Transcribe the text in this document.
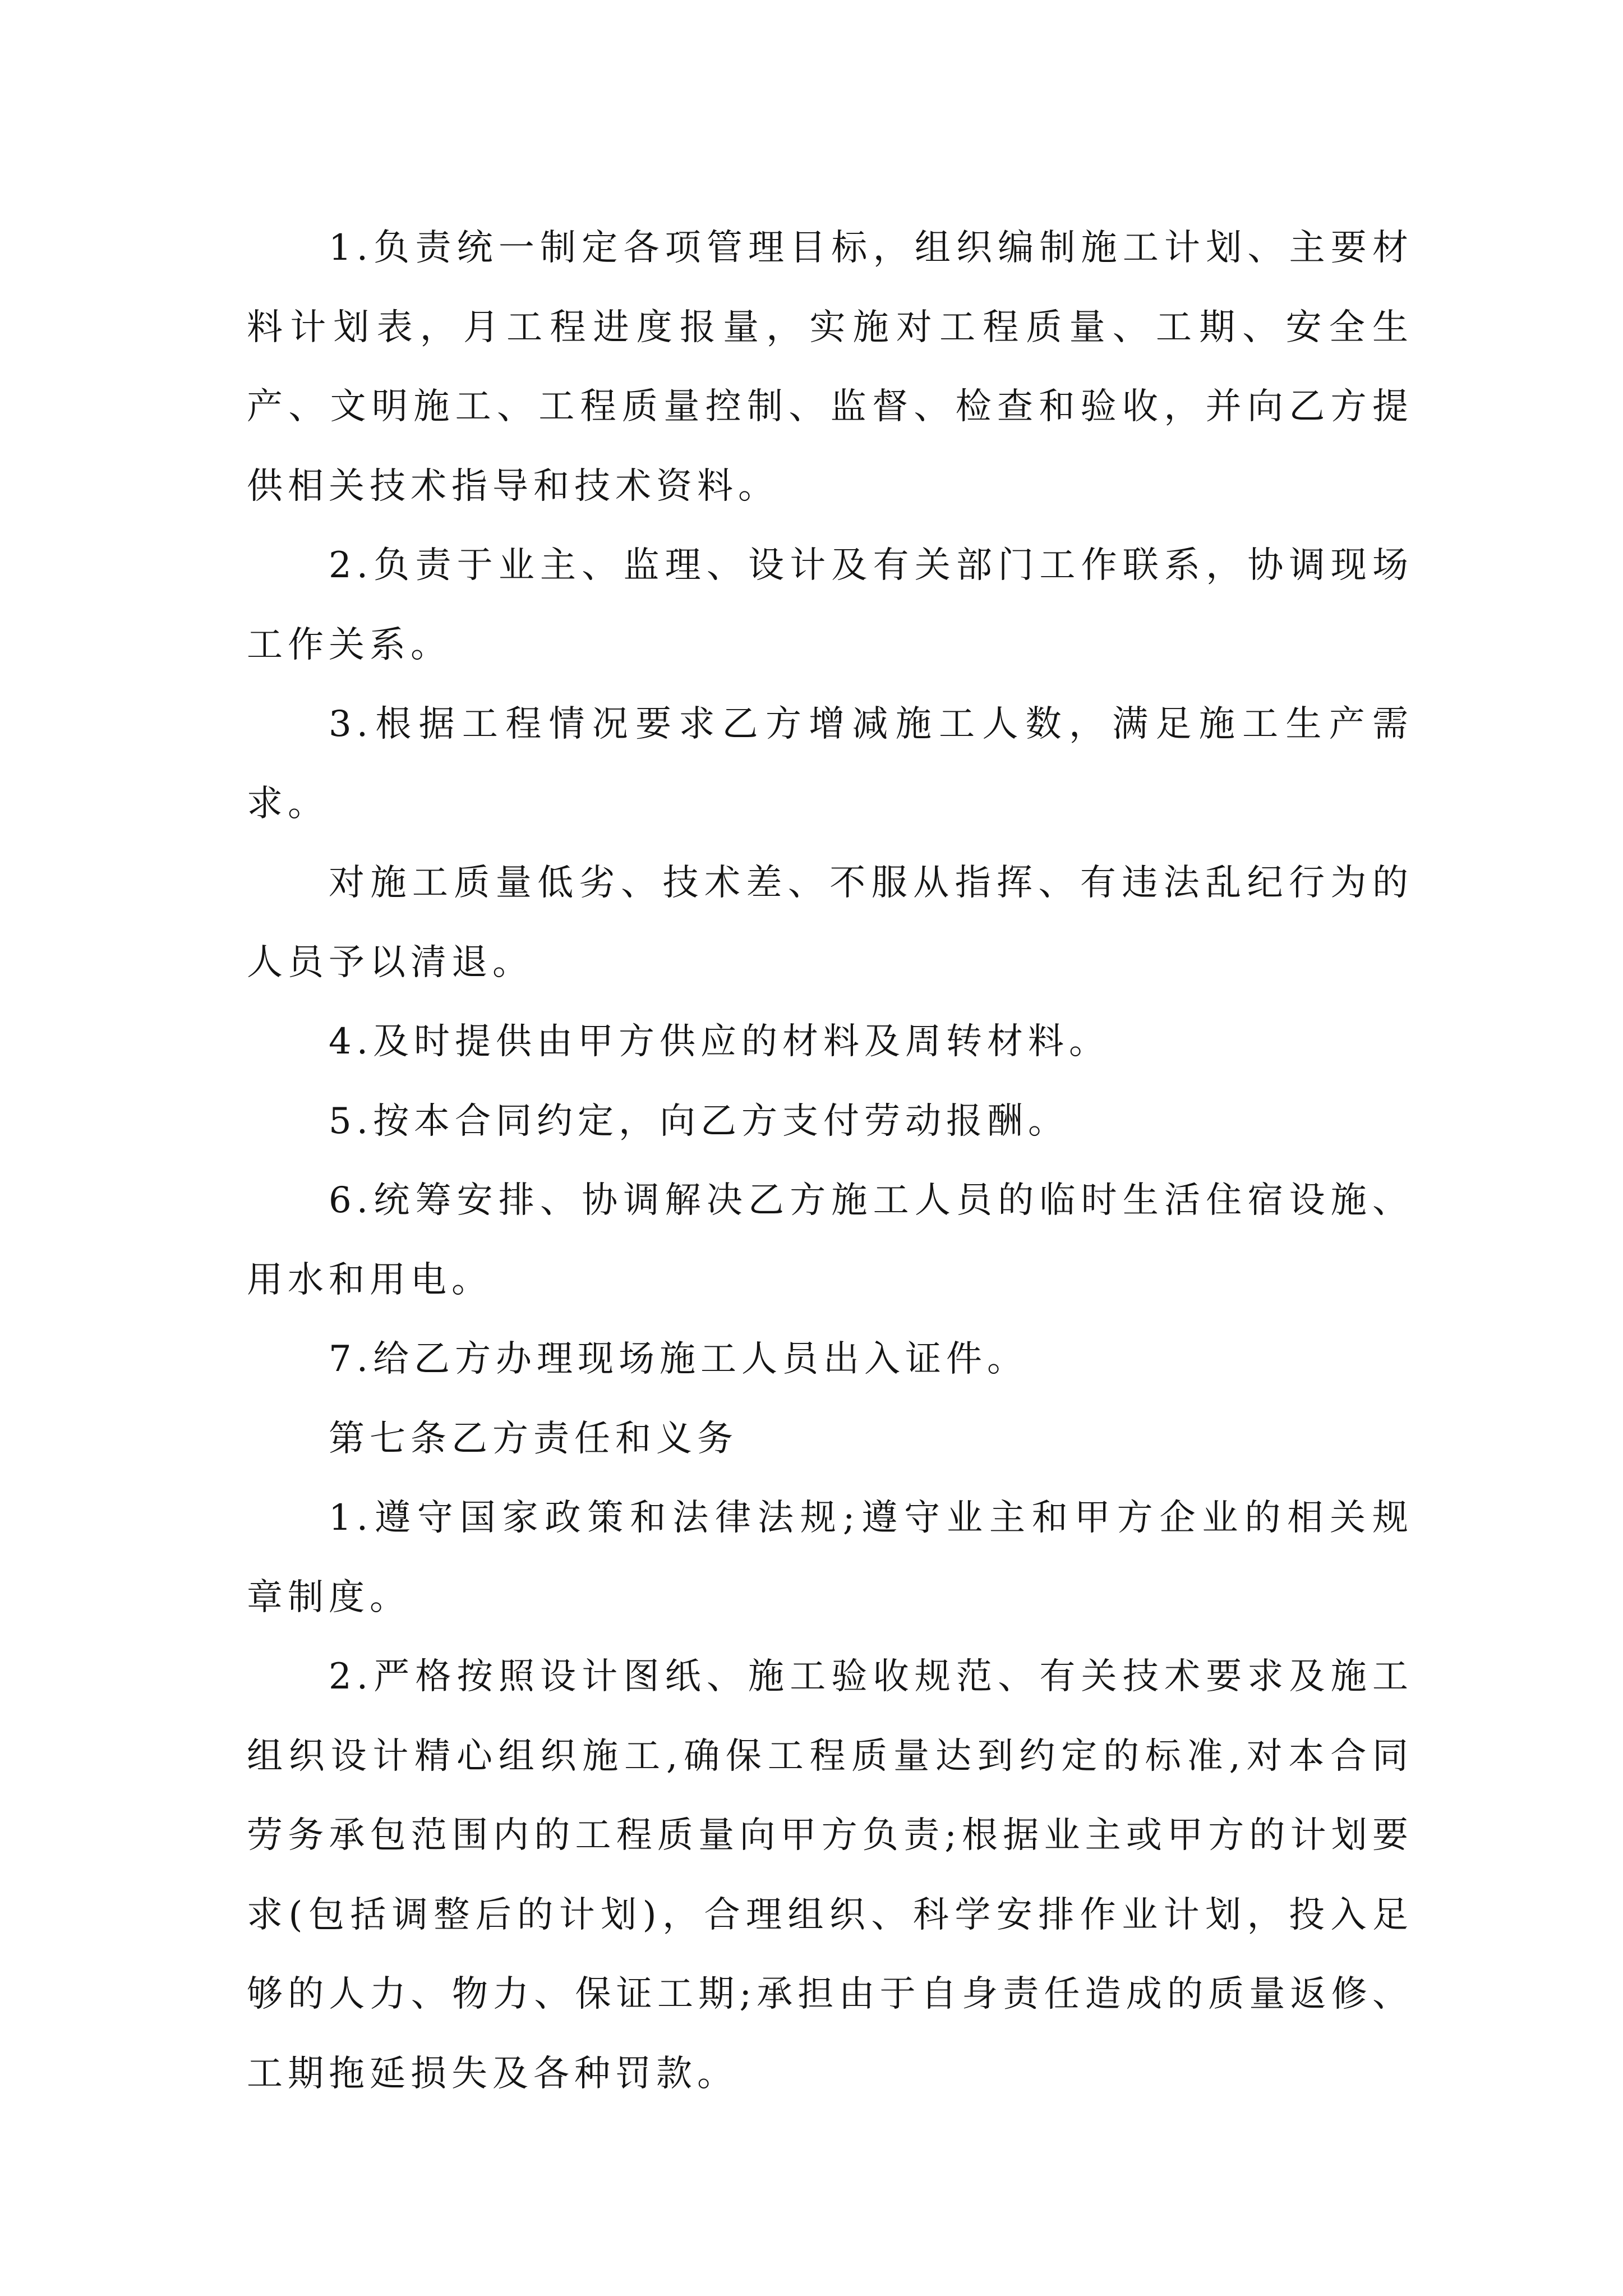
1.负责统一制定各项管理目标，组织编制施工计划、主要材料计划表，月工程进度报量，实施对工程质量、工期、安全生产、文明施工、工程质量控制、监督、检查和验收，并向乙方提供相关技术指导和技术资料。

2.负责于业主、监理、设计及有关部门工作联系，协调现场工作关系。

3.根据工程情况要求乙方增减施工人数，满足施工生产需求。

对施工质量低劣、技术差、不服从指挥、有违法乱纪行为的人员予以清退。

4.及时提供由甲方供应的材料及周转材料。

5.按本合同约定，向乙方支付劳动报酬。

6.统筹安排、协调解决乙方施工人员的临时生活住宿设施、用水和用电。

7.给乙方办理现场施工人员出入证件。

第七条乙方责任和义务

1.遵守国家政策和法律法规;遵守业主和甲方企业的相关规章制度。

2.严格按照设计图纸、施工验收规范、有关技术要求及施工组织设计精心组织施工,确保工程质量达到约定的标准,对本合同劳务承包范围内的工程质量向甲方负责;根据业主或甲方的计划要求(包括调整后的计划)，合理组织、科学安排作业计划，投入足够的人力、物力、保证工期;承担由于自身责任造成的质量返修、工期拖延损失及各种罚款。
